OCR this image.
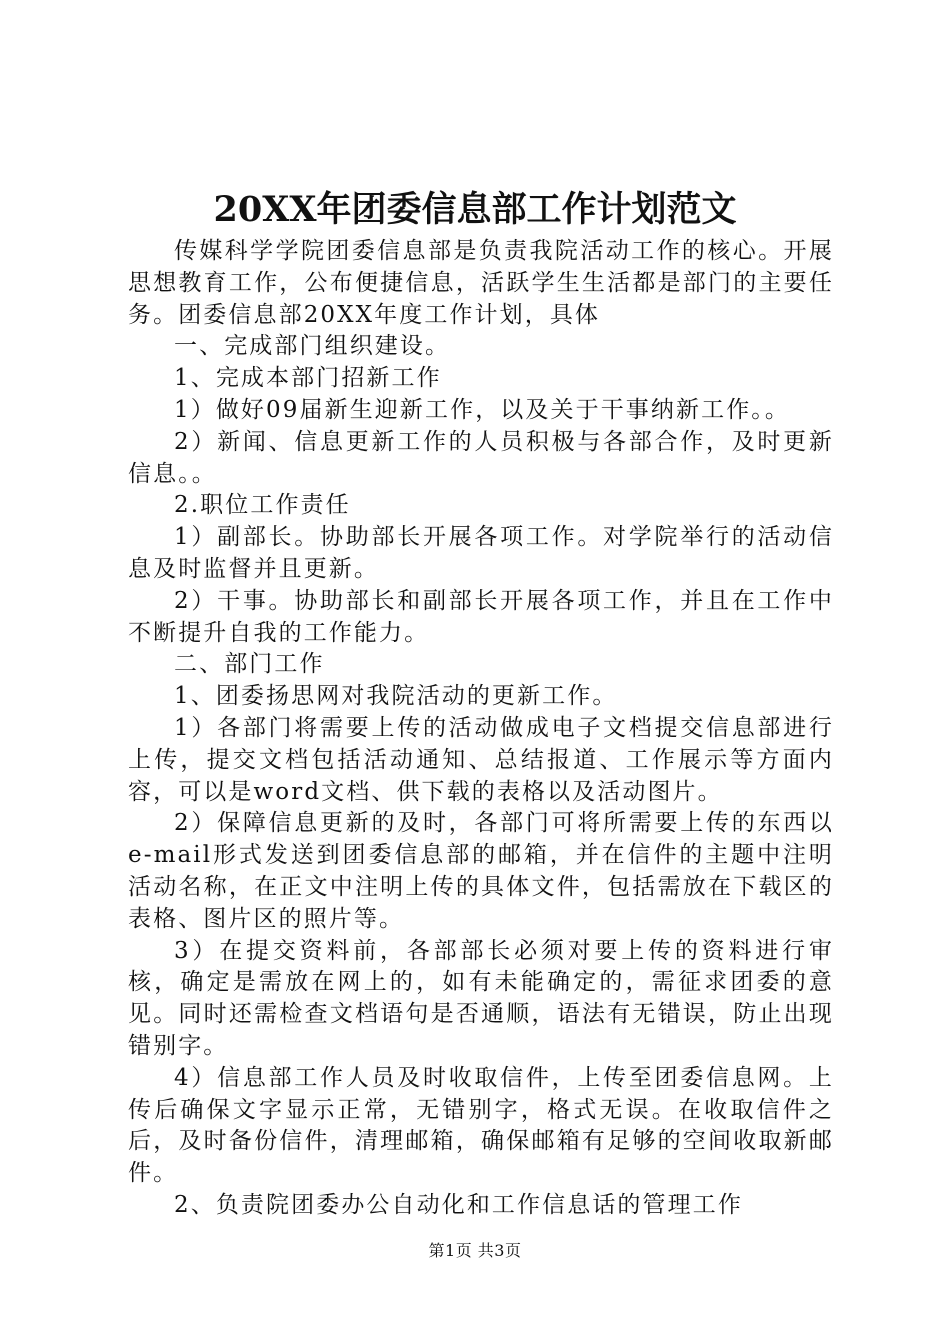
20XX年团委信息部工作计划范文

传媒科学学院团委信息部是负责我院活动工作的核心。开展思想教育工作，公布便捷信息，活跃学生生活都是部门的主要任务。团委信息部20XX年度工作计划，具体

一、完成部门组织建设。

1、完成本部门招新工作

1）做好09届新生迎新工作，以及关于干事纳新工作。。

2）新闻、信息更新工作的人员积极与各部合作，及时更新信息。。

2.职位工作责任

1）副部长。协助部长开展各项工作。对学院举行的活动信息及时监督并且更新。

2）干事。协助部长和副部长开展各项工作，并且在工作中不断提升自我的工作能力。

二、部门工作

1、团委扬思网对我院活动的更新工作。

1）各部门将需要上传的活动做成电子文档提交信息部进行上传，提交文档包括活动通知、总结报道、工作展示等方面内容，可以是word文档、供下载的表格以及活动图片。

2）保障信息更新的及时，各部门可将所需要上传的东西以e-mail形式发送到团委信息部的邮箱，并在信件的主题中注明活动名称，在正文中注明上传的具体文件，包括需放在下载区的表格、图片区的照片等。

3）在提交资料前，各部部长必须对要上传的资料进行审核，确定是需放在网上的，如有未能确定的，需征求团委的意见。同时还需检查文档语句是否通顺，语法有无错误，防止出现错别字。

4）信息部工作人员及时收取信件，上传至团委信息网。上传后确保文字显示正常，无错别字，格式无误。在收取信件之后，及时备份信件，清理邮箱，确保邮箱有足够的空间收取新邮件。

2、负责院团委办公自动化和工作信息话的管理工作

第1页 共3页
